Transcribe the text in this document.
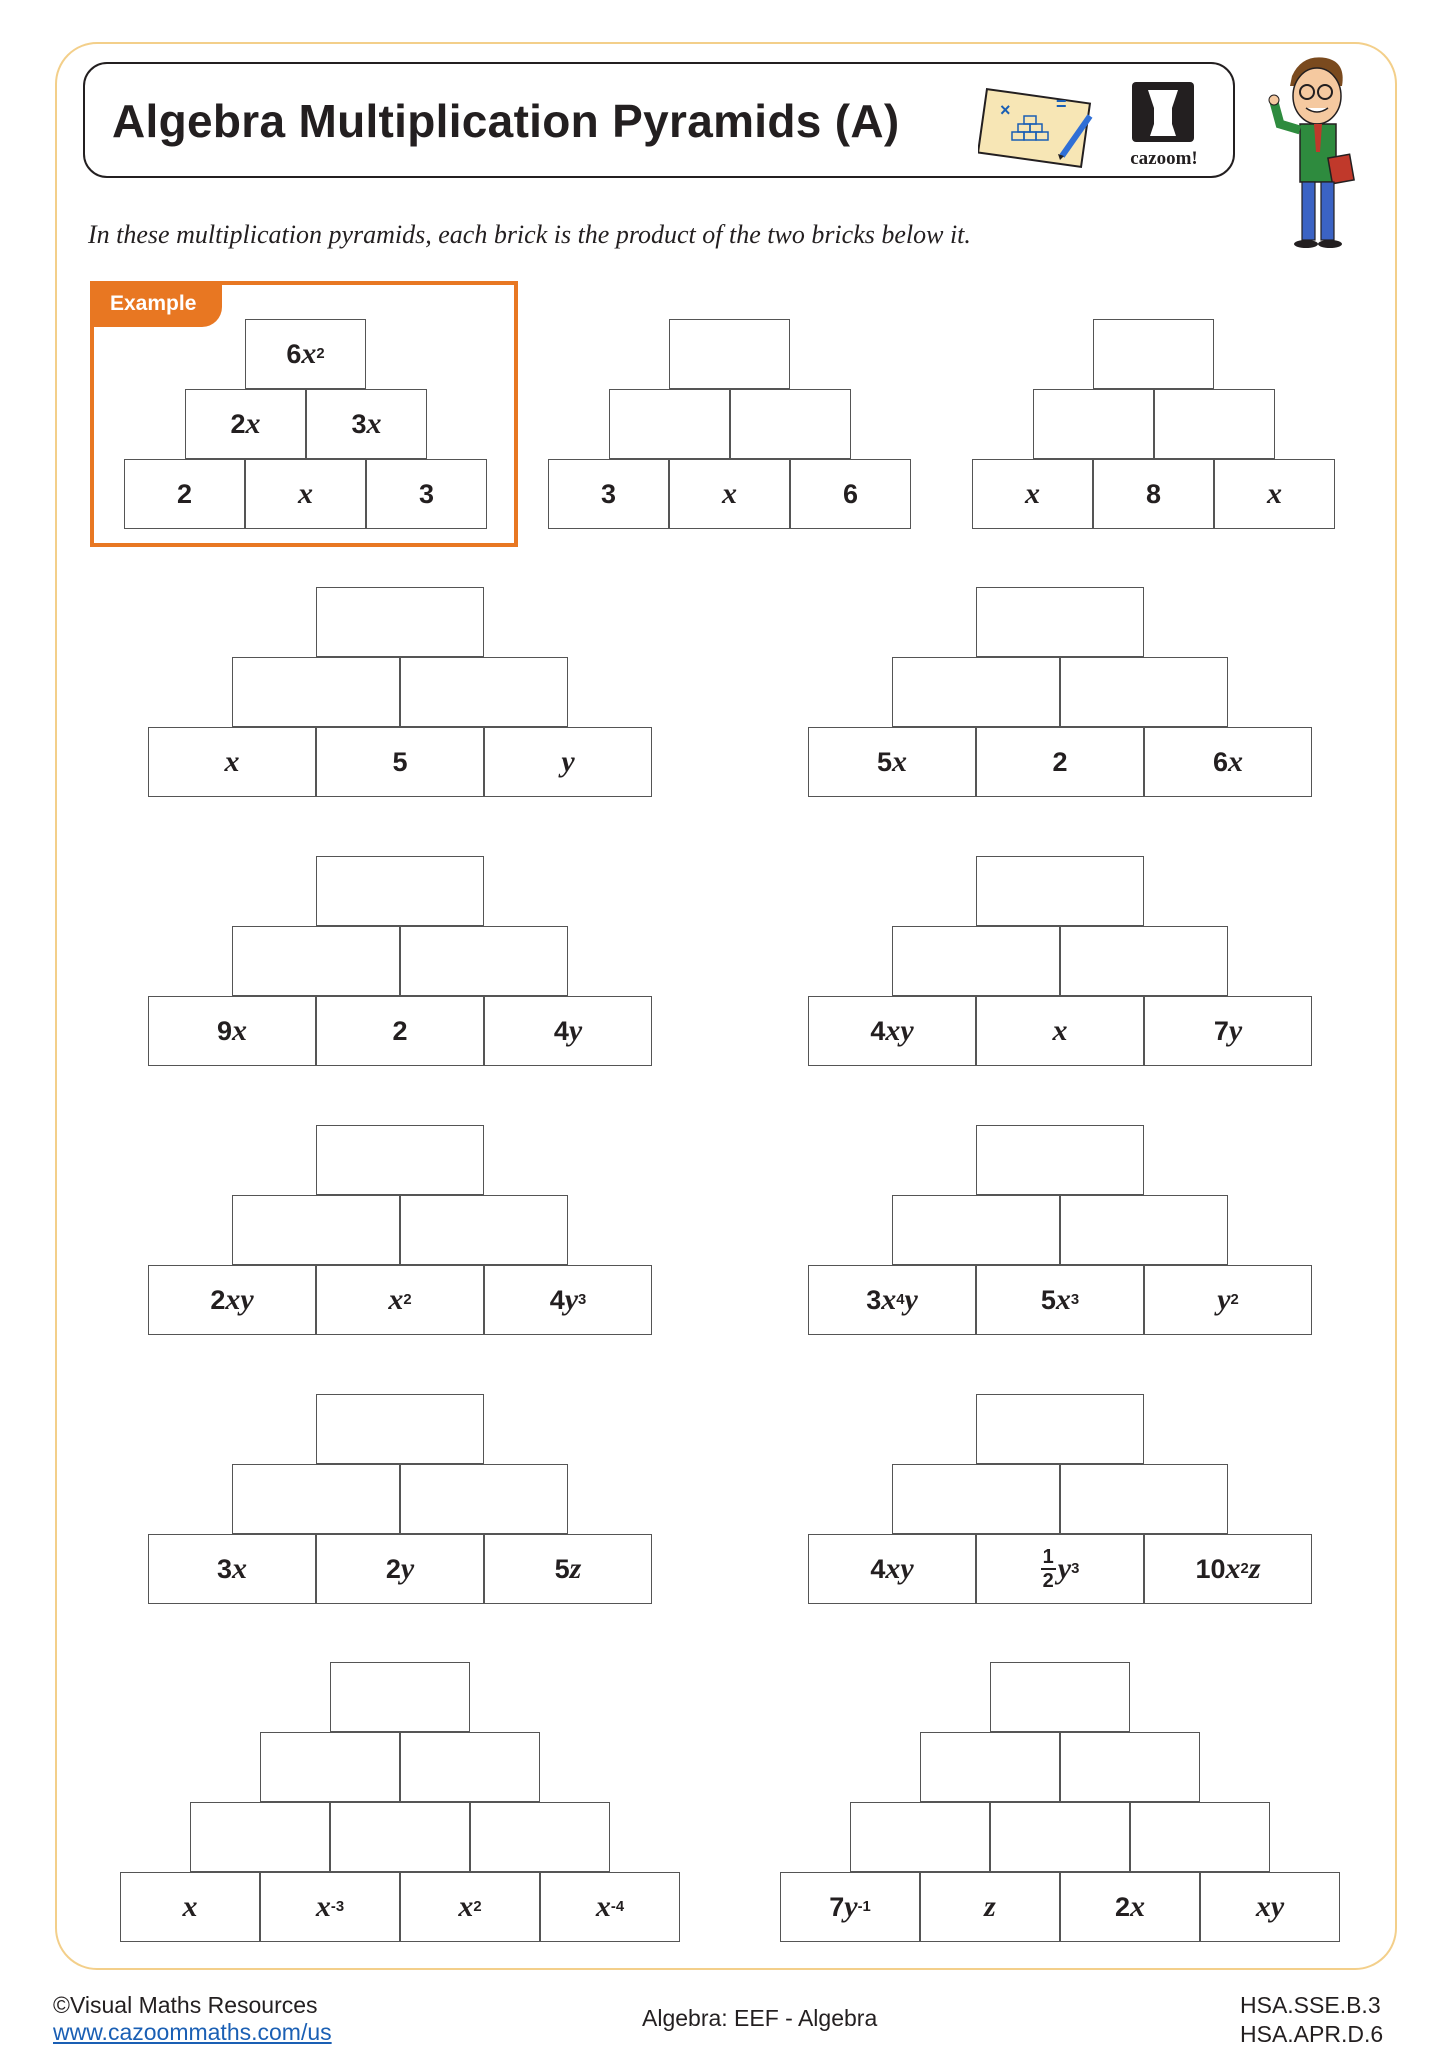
Algebra Multiplication Pyramids (A)	×	=
cazoom!
In these multiplication pyramids, each brick is the product of the two bricks below it.
Example
6 x 2
2 x	3 x
2	x	3	3	x	6	x	8	x
x	5	y	5 x	2	6 x
9 x	2	4 y	4 xy	x	7 y
2 xy	x 2	4 y 3	3 x 4 y	5 x 3	y 2
3 x	2 y	5 z	4 xy	$\frac{1}{2}$ y 3	10 x 2 z
x	x -3	x 2	x -4	7 y -1	z	2 x	xy
©Visual Maths Resources
www.cazoommaths.com/us
Algebra: EEF - Algebra	HSA.SSE.B.3
HSA.APR.D.6
